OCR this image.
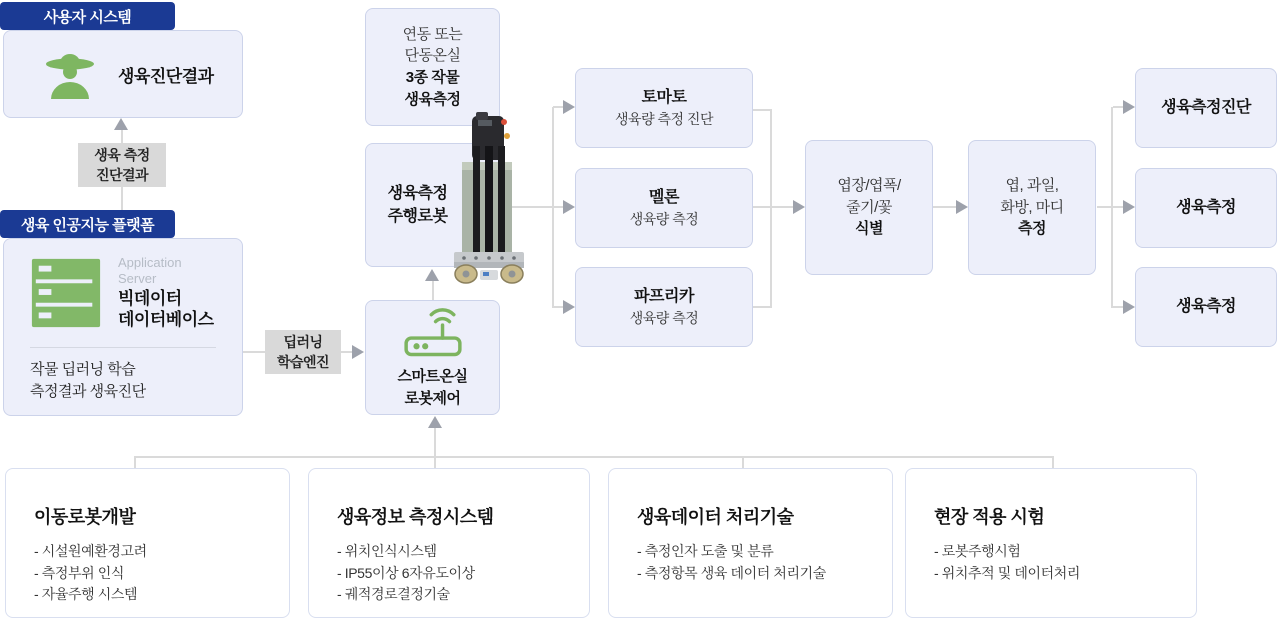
사용자 시스템
생육진단결과
생육 측정
진단결과
생육 인공지능 플랫폼
Application
Server
빅데이터
데이터베이스
작물 딥러닝 학습
측정결과 생육진단
딥러닝
학습엔진
연동 또는
단동온실
3종 작물
생육측정
생육측정
주행로봇
스마트온실
로봇제어
토마토
생육량 측정 진단
멜론
생육량 측정
파프리카
생육량 측정
엽장/엽폭/
줄기/꽃
식별
엽, 과일,
화방, 마디
측정
생육측정진단
생육측정
생육측정
이동로봇개발
- 시설원예환경고려
- 측정부위 인식
- 자율주행 시스템
생육정보 측정시스템
- 위치인식시스템
- IP55이상 6자유도이상
- 궤적경로결정기술
생육데이터 처리기술
- 측정인자 도출 및 분류
- 측정항목 생육 데이터 처리기술
현장 적용 시험
- 로봇주행시험
- 위치추적 및 데이터처리
